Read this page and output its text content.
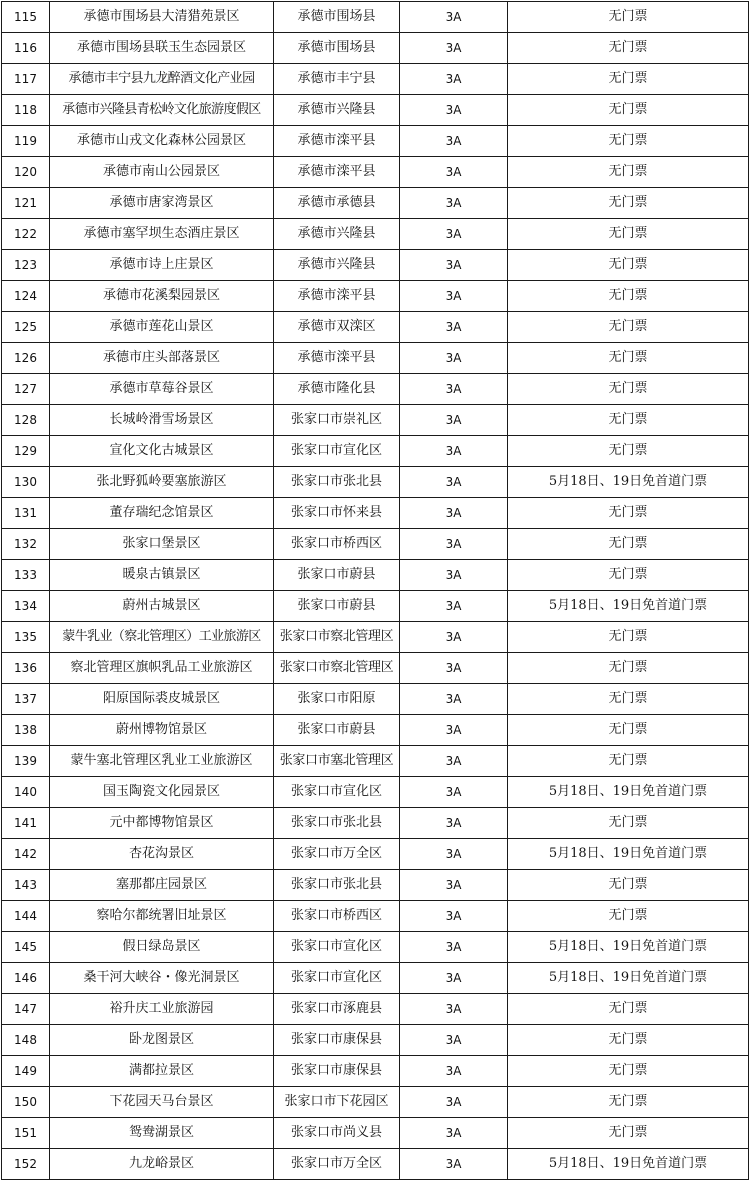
115	承德市围场县大清猎苑景区	承德市围场县	3A	无门票
116	承德市围场县联玉生态园景区	承德市围场县	3A	无门票
117	承德市丰宁县九龙醉酒文化产业园	承德市丰宁县	3A	无门票
118	承德市兴隆县青松岭文化旅游度假区	承德市兴隆县	3A	无门票
119	承德市山戎文化森林公园景区	承德市滦平县	3A	无门票
120	承德市南山公园景区	承德市滦平县	3A	无门票
121	承德市唐家湾景区	承德市承德县	3A	无门票
122	承德市塞罕坝生态酒庄景区	承德市兴隆县	3A	无门票
123	承德市诗上庄景区	承德市兴隆县	3A	无门票
124	承德市花溪梨园景区	承德市滦平县	3A	无门票
125	承德市莲花山景区	承德市双滦区	3A	无门票
126	承德市庄头部落景区	承德市滦平县	3A	无门票
127	承德市草莓谷景区	承德市隆化县	3A	无门票
128	长城岭滑雪场景区	张家口市崇礼区	3A	无门票
129	宣化文化古城景区	张家口市宣化区	3A	无门票
130	张北野狐岭要塞旅游区	张家口市张北县	3A	5月18日、19日免首道门票
131	董存瑞纪念馆景区	张家口市怀来县	3A	无门票
132	张家口堡景区	张家口市桥西区	3A	无门票
133	暖泉古镇景区	张家口市蔚县	3A	无门票
134	蔚州古城景区	张家口市蔚县	3A	5月18日、19日免首道门票
135	蒙牛乳业（察北管理区）工业旅游区	张家口市察北管理区	3A	无门票
136	察北管理区旗帜乳品工业旅游区	张家口市察北管理区	3A	无门票
137	阳原国际裘皮城景区	张家口市阳原	3A	无门票
138	蔚州博物馆景区	张家口市蔚县	3A	无门票
139	蒙牛塞北管理区乳业工业旅游区	张家口市塞北管理区	3A	无门票
140	国玉陶瓷文化园景区	张家口市宣化区	3A	5月18日、19日免首道门票
141	元中都博物馆景区	张家口市张北县	3A	无门票
142	杏花沟景区	张家口市万全区	3A	5月18日、19日免首道门票
143	塞那都庄园景区	张家口市张北县	3A	无门票
144	察哈尔都统署旧址景区	张家口市桥西区	3A	无门票
145	假日绿岛景区	张家口市宣化区	3A	5月18日、19日免首道门票
146	桑干河大峡谷・像光洞景区	张家口市宣化区	3A	5月18日、19日免首道门票
147	裕升庆工业旅游园	张家口市涿鹿县	3A	无门票
148	卧龙图景区	张家口市康保县	3A	无门票
149	满都拉景区	张家口市康保县	3A	无门票
150	下花园天马台景区	张家口市下花园区	3A	无门票
151	鸳鸯湖景区	张家口市尚义县	3A	无门票
152	九龙峪景区	张家口市万全区	3A	5月18日、19日免首道门票
